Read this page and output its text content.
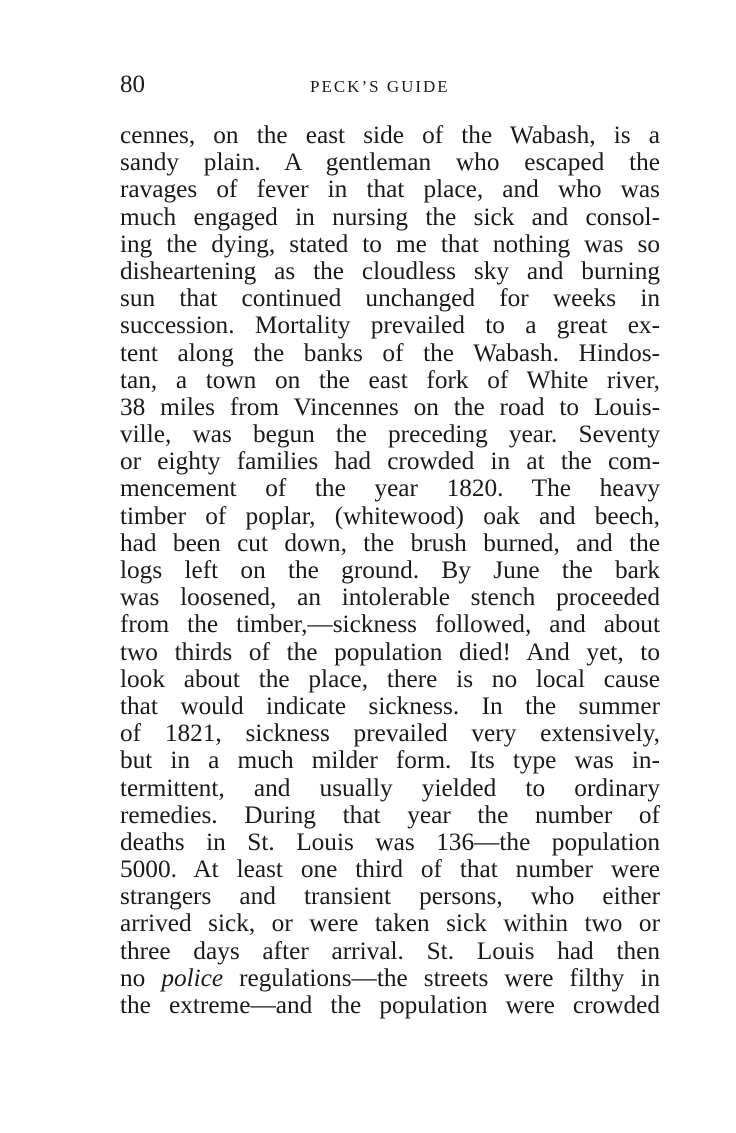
80	PECK’S GUIDE
cennes, on the east side of the Wabash, is a
sandy plain. A gentleman who escaped the
ravages of fever in that place, and who was
much engaged in nursing the sick and consol-
ing the dying, stated to me that nothing was so
disheartening as the cloudless sky and burning
sun that continued unchanged for weeks in
succession. Mortality prevailed to a great ex-
tent along the banks of the Wabash. Hindos-
tan, a town on the east fork of White river,
38 miles from Vincennes on the road to Louis-
ville, was begun the preceding year. Seventy
or eighty families had crowded in at the com-
mencement of the year 1820. The heavy
timber of poplar, (whitewood) oak and beech,
had been cut down, the brush burned, and the
logs left on the ground. By June the bark
was loosened, an intolerable stench proceeded
from the timber,—sickness followed, and about
two thirds of the population died! And yet, to
look about the place, there is no local cause
that would indicate sickness. In the summer
of 1821, sickness prevailed very extensively,
but in a much milder form. Its type was in-
termittent, and usually yielded to ordinary
remedies. During that year the number of
deaths in St. Louis was 136—the population
5000. At least one third of that number were
strangers and transient persons, who either
arrived sick, or were taken sick within two or
three days after arrival. St. Louis had then
no police regulations—the streets were filthy in
the extreme—and the population were crowded
